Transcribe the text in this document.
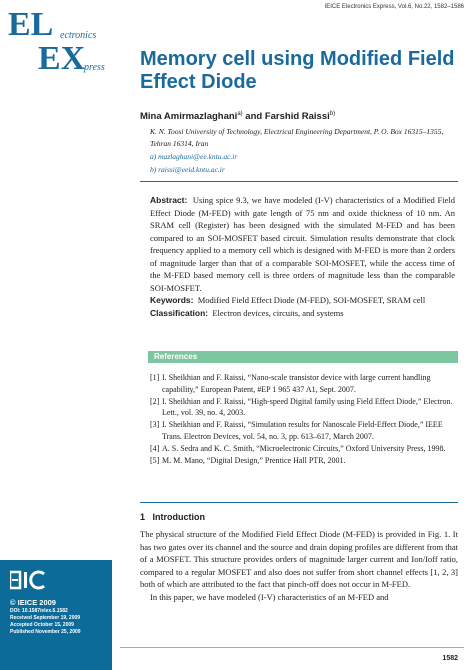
EL ectronics
EX
press
© IEICE 2009
DOI: 10.1587/elex.6.1582
Received September 19, 2009
Accepted October 15, 2009
Published November 25, 2009
IEICE Electronics Express, Vol.6, No.22, 1582–1586
Memory cell using Modified Field Effect Diode
Mina Amirmazlaghani$^{a)}$ and Farshid Raissi$^{b)}$
K. N. Toosi University of Technology, Electrical Engineering Department, P. O. Box 16315–1355, Tehran 16314, Iran
a) mazlaghani@ee.kntu.ac.ir
b) raissi@eeid.kntu.ac.ir
Abstract: Using spice 9.3, we have modeled (I-V) characteristics of a Modified Field Effect Diode (M-FED) with gate length of 75 nm and oxide thickness of 10 nm. An SRAM cell (Register) has been designed with the simulated M-FED and has been compared to an SOI-MOSFET based circuit. Simulation results demonstrate that clock frequency applied to a memory cell which is designed with M-FED is more than 2 orders of magnitude larger than that of a comparable SOI-MOSFET, while the access time of the M-FED based memory cell is three orders of magnitude less than the comparable SOI-MOSFET.
Keywords: Modified Field Effect Diode (M-FED), SOI-MOSFET, SRAM cell
Classification: Electron devices, circuits, and systems
References
[1] I. Sheikhian and F. Raissi, “Nano-scale transistor device with large current handling capability,” European Patent, #EP 1 965 437 A1, Sept. 2007.
[2] I. Sheikhian and F. Raissi, “High-speed Digital family using Field Effect Diode,” Electron. Lett., vol. 39, no. 4, 2003.
[3] I. Sheikhian and F. Raissi, “Simulation results for Nanoscale Field-Effect Diode,” IEEE Trans. Electron Devices, vol. 54, no. 3, pp. 613–617, March 2007.
[4] A. S. Sedra and K. C. Smith, “Microelectronic Circuits,” Oxford University Press, 1998.
[5] M. M. Mano, “Digital Design,” Prentice Hall PTR, 2001.
1 Introduction

The physical structure of the Modified Field Effect Diode (M-FED) is provided in Fig. 1. It has two gates over its channel and the source and drain doping profiles are different from that of a MOSFET. This structure provides orders of magnitude larger current and Ion/Ioff ratio, compared to a regular MOSFET and also does not suffer from short channel effects [1, 2, 3] both of which are attributed to the fact that pinch-off does not occur in M-FED.

In this paper, we have modeled (I-V) characteristics of an M-FED and

1582
